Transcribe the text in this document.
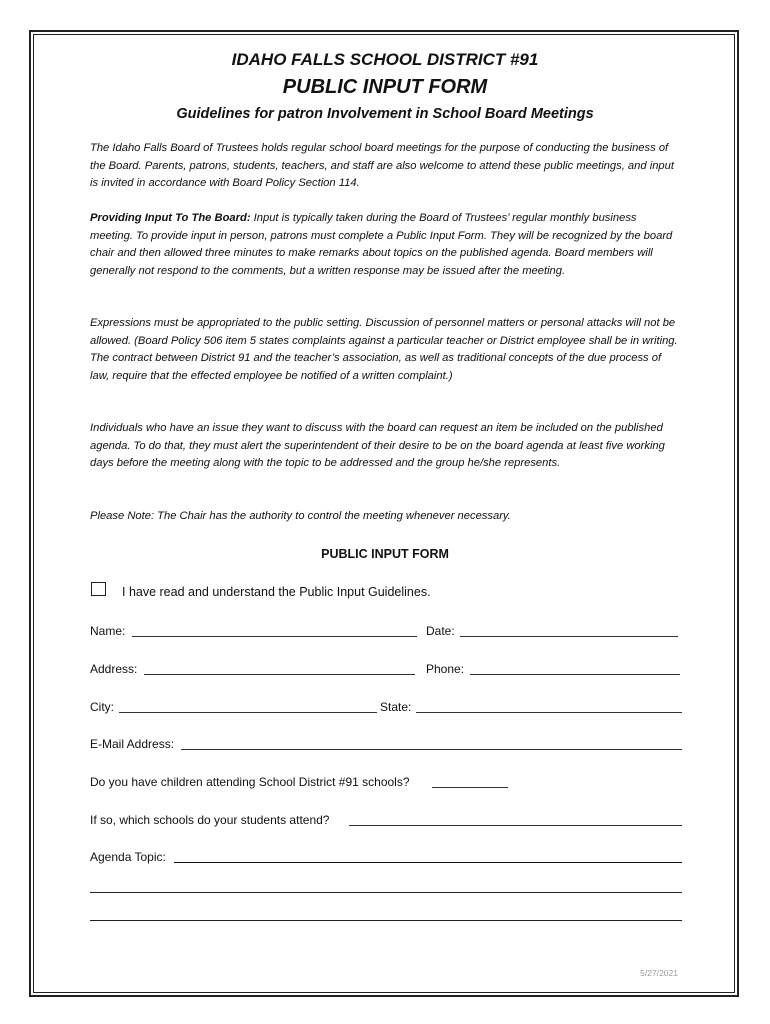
IDAHO FALLS SCHOOL DISTRICT #91
PUBLIC INPUT FORM
Guidelines for patron Involvement in School Board Meetings

The Idaho Falls Board of Trustees holds regular school board meetings for the purpose of conducting the business of the Board. Parents, patrons, students, teachers, and staff are also welcome to attend these public meetings, and input is invited in accordance with Board Policy Section 114.

Providing Input To The Board: Input is typically taken during the Board of Trustees’ regular monthly business meeting. To provide input in person, patrons must complete a Public Input Form. They will be recognized by the board chair and then allowed three minutes to make remarks about topics on the published agenda. Board members will generally not respond to the comments, but a written response may be issued after the meeting.

Expressions must be appropriated to the public setting. Discussion of personnel matters or personal attacks will not be allowed. (Board Policy 506 item 5 states complaints against a particular teacher or District employee shall be in writing. The contract between District 91 and the teacher’s association, as well as traditional concepts of the due process of law, require that the effected employee be notified of a written complaint.)

Individuals who have an issue they want to discuss with the board can request an item be included on the published agenda. To do that, they must alert the superintendent of their desire to be on the board agenda at least five working days before the meeting along with the topic to be addressed and the group he/she represents.

Please Note: The Chair has the authority to control the meeting whenever necessary.

PUBLIC INPUT FORM
I have read and understand the Public Input Guidelines.
Name:	Date:
Address:	Phone:
City:	State:
E-Mail Address:
Do you have children attending School District #91 schools?
If so, which schools do your students attend?
Agenda Topic:
5/27/2021
